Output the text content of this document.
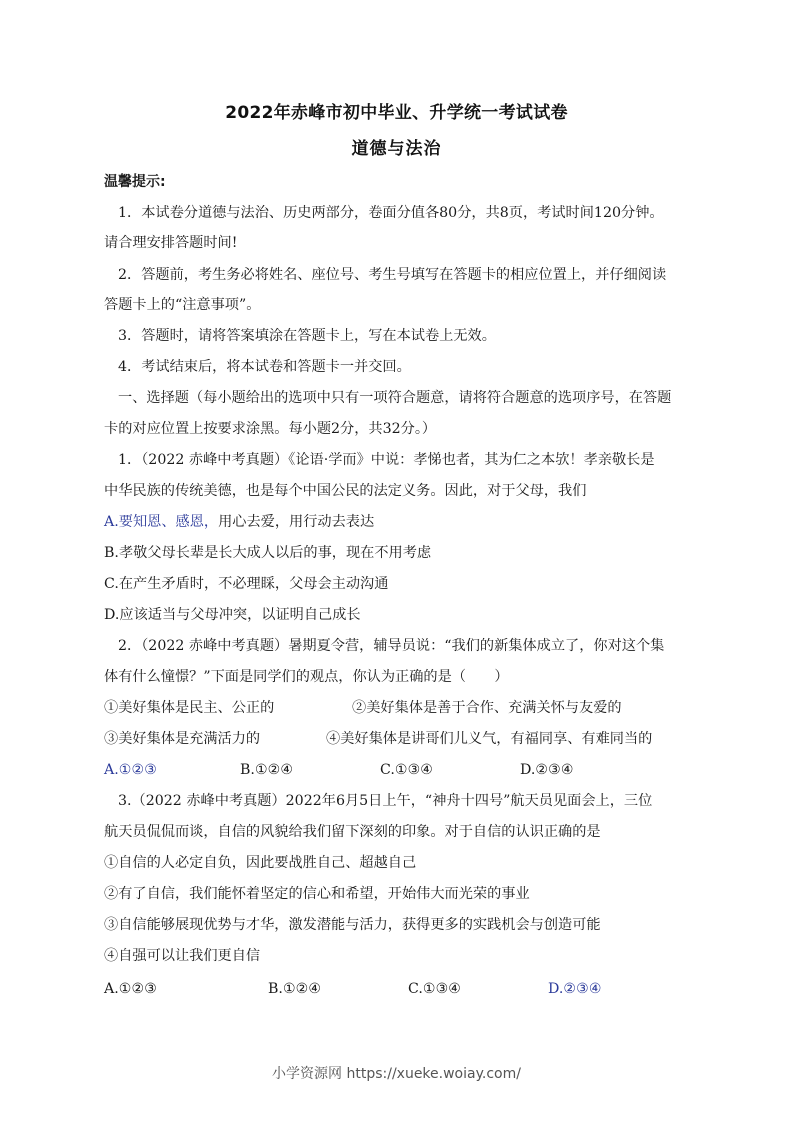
2022年赤峰市初中毕业、升学统一考试试卷
道德与法治
温馨提示:
1．本试卷分道德与法治、历史两部分，卷面分值各80分，共8页，考试时间120分钟。
请合理安排答题时间!
2．答题前，考生务必将姓名、座位号、考生号填写在答题卡的相应位置上，并仔细阅读
答题卡上的“注意事项”。
3．答题时，请将答案填涂在答题卡上，写在本试卷上无效。
4．考试结束后，将本试卷和答题卡一并交回。
一、选择题（每小题给出的选项中只有一项符合题意，请将符合题意的选项序号，在答题
卡的对应位置上按要求涂黑。每小题2分，共32分。）
1．（2022 赤峰中考真题）《论语·学而》中说：孝悌也者，其为仁之本欤！孝亲敬长是
中华民族的传统美德，也是每个中国公民的法定义务。因此，对于父母，我们
A.要知恩、感恩，用心去爱，用行动去表达
B.孝敬父母长辈是长大成人以后的事，现在不用考虑
C.在产生矛盾时，不必理睬，父母会主动沟通
D.应该适当与父母冲突，以证明自己成长
2．（2022 赤峰中考真题）暑期夏令营，辅导员说：“我们的新集体成立了，你对这个集
体有什么憧憬？”下面是同学们的观点，你认为正确的是（　　）
①美好集体是民主、公正的	②美好集体是善于合作、充满关怀与友爱的
③美好集体是充满活力的	④美好集体是讲哥们儿义气，有福同享、有难同当的
A.①②③	B.①②④	C.①③④	D.②③④
3.（2022 赤峰中考真题）2022年6月5日上午，“神舟十四号”航天员见面会上，三位
航天员侃侃而谈，自信的风貌给我们留下深刻的印象。对于自信的认识正确的是
①自信的人必定自负，因此要战胜自己、超越自己
②有了自信，我们能怀着坚定的信心和希望，开始伟大而光荣的事业
③自信能够展现优势与才华，激发潜能与活力，获得更多的实践机会与创造可能
④自强可以让我们更自信
A.①②③	B.①②④	C.①③④	D.②③④
小学资源网 https://xueke.woiay.com/
